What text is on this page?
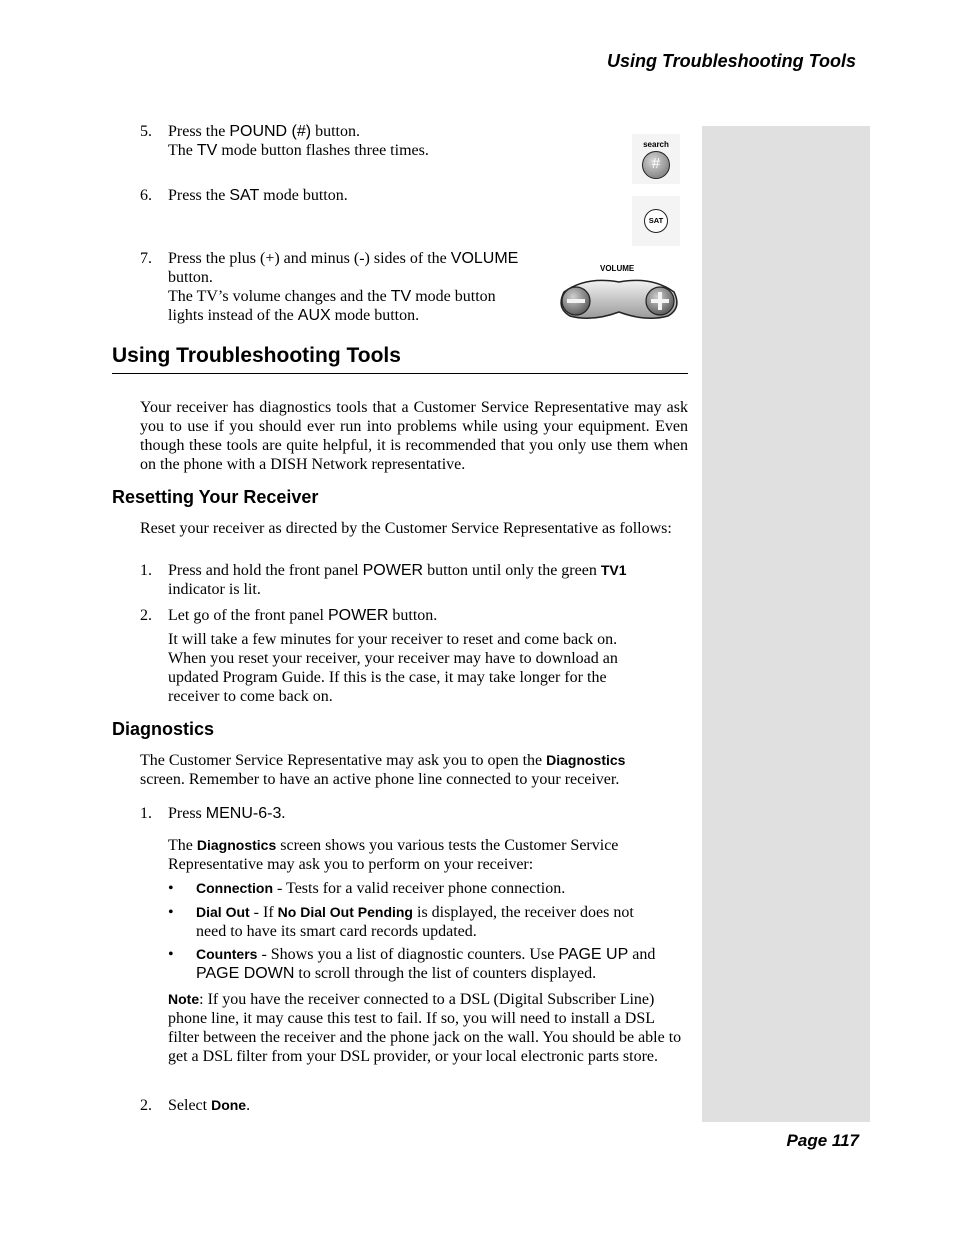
Using Troubleshooting Tools
5. Press the POUND (#) button.
The TV mode button flashes three times.
6. Press the SAT mode button.
7. Press the plus (+) and minus (-) sides of the VOLUME
button.
The TV’s volume changes and the TV mode button
lights instead of the AUX mode button.
search
#
SAT
VOLUME
Using Troubleshooting Tools
Your receiver has diagnostics tools that a Customer Service Representative may ask you to use if you should ever run into problems while using your equipment. Even though these tools are quite helpful, it is recommended that you only use them when on the phone with a DISH Network representative.
Resetting Your Receiver
Reset your receiver as directed by the Customer Service Representative as follows:
1. Press and hold the front panel POWER button until only the green TV1
indicator is lit.
2. Let go of the front panel POWER button.
It will take a few minutes for your receiver to reset and come back on. When you reset your receiver, your receiver may have to download an updated Program Guide. If this is the case, it may take longer for the receiver to come back on.
Diagnostics
The Customer Service Representative may ask you to open the Diagnostics
screen. Remember to have an active phone line connected to your receiver.
1. Press MENU-6-3.
The Diagnostics screen shows you various tests the Customer Service
Representative may ask you to perform on your receiver:
• Connection - Tests for a valid receiver phone connection.
• Dial Out - If No Dial Out Pending is displayed, the receiver does not
need to have its smart card records updated.
• Counters - Shows you a list of diagnostic counters. Use PAGE UP and
PAGE DOWN to scroll through the list of counters displayed.
Note: If you have the receiver connected to a DSL (Digital Subscriber Line) phone line, it may cause this test to fail. If so, you will need to install a DSL filter between the receiver and the phone jack on the wall. You should be able to get a DSL filter from your DSL provider, or your local electronic parts store.
2. Select Done.
Page 117
